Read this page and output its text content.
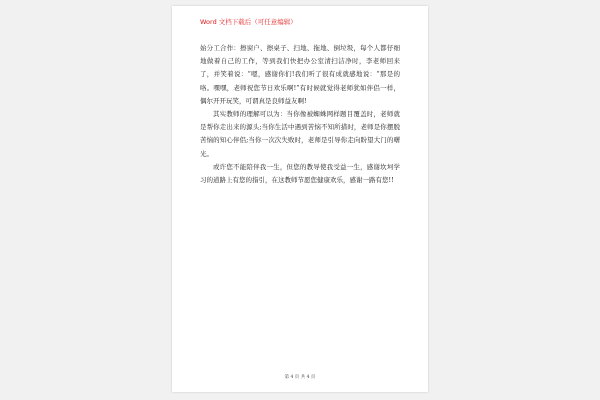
Word 文档下载后（可任意编辑）

始分工合作：擦窗户、擦桌子、扫地、拖地、倒垃圾，每个人都仔细地做着自己的工作，等到我们快把办公室清扫洁净时，李老师回来了，并笑着说：“嗯，感谢你们!我们听了很有成就感地说：“那是的咯。嘿嘿，老师祝您节日欢乐啊!”有时候就觉得老师犹如伴侣一样，偶尔开开玩笑，可谓真是良师益友啊!

其实教师的理解可以为：当你像被蜘蛛网样题目覆盖时，老师就是帮你走出来的源头;当你生活中遇到苦恼不知所措时，老师是你摆脱苦恼的知心伴侣;当你一次次失败时，老师是引导你走向盼望大门的曙光。

或许您不能陪伴我一生，但您的教导使我受益一生，感谢坎坷学习的道路上有您的指引，在这教师节愿您健康欢乐，感谢一路有您!!

第 4 页 共 4 页
